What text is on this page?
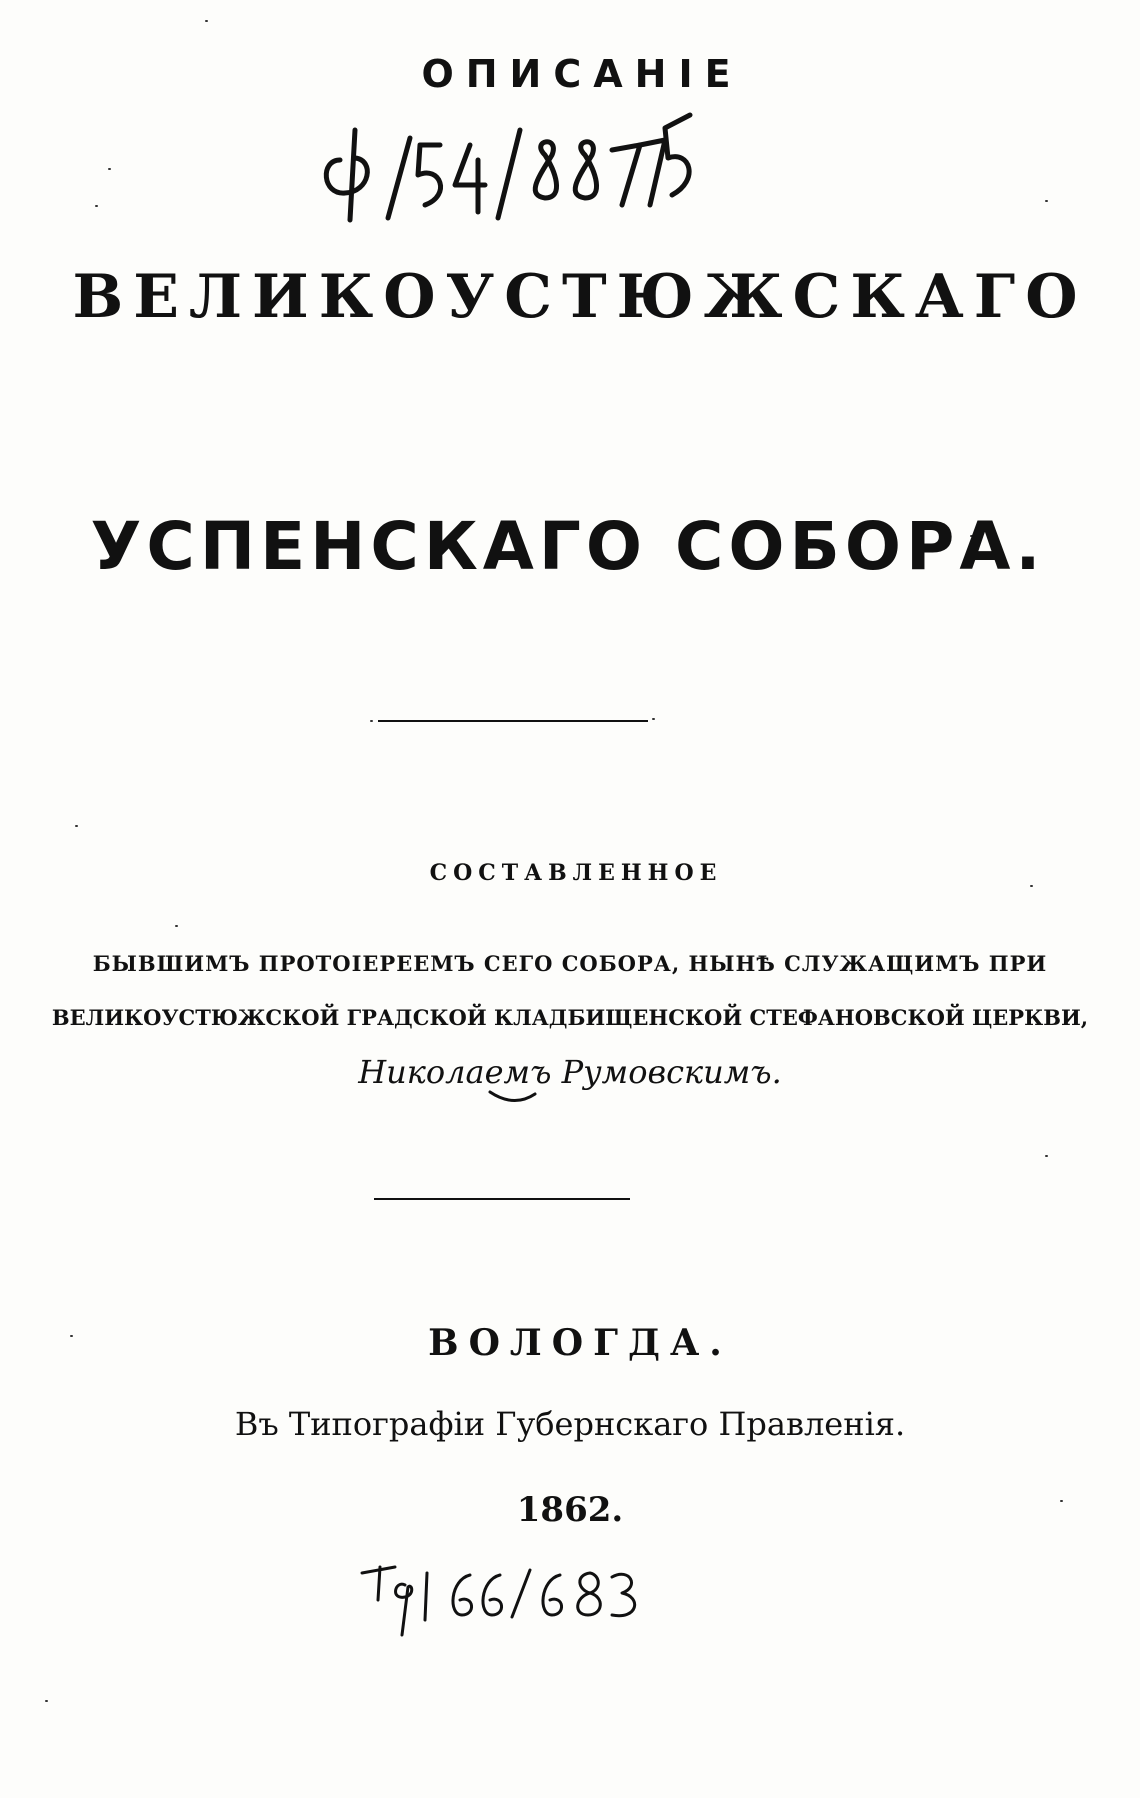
ОПИСАНІЕ
ВЕЛИКОУСТЮЖСКАГО
УСПЕНСКАГО СОБОРА.
СОСТАВЛЕННОЕ
БЫВШИМЪ ПРОТОІЕРЕЕМЪ СЕГО СОБОРА, НЫНѢ СЛУЖАЩИМЪ ПРИ
ВЕЛИКОУСТЮЖСКОЙ ГРАДСКОЙ КЛАДБИЩЕНСКОЙ СТЕФАНОВСКОЙ ЦЕРКВИ,
Николаемъ Румовскимъ.
ВОЛОГДА.
Въ Типографіи Губернскаго Правленія.
1862.
